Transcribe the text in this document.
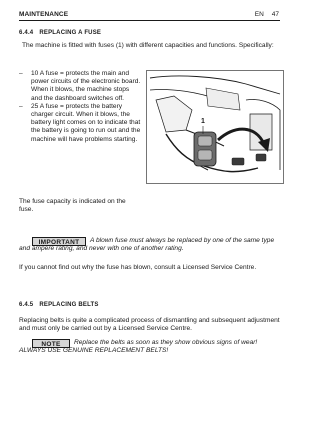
MAINTENANCE	EN 47
6.4.4 REPLACING A FUSE

The machine is fitted with fuses (1) with different capacities and functions. Specifically:

– 10 A fuse = protects the main and power circuits of the electronic board. When it blows, the machine stops and the dashboard switches off.
– 25 A fuse = protects the battery charger circuit. When it blows, the battery light comes on to indicate that the battery is going to run out and the machine will have problems starting.
1

The fuse capacity is indicated on the fuse.

IMPORTANT	A blown fuse must always be replaced by one of the same type and ampere rating, and never with one of another rating.

If you cannot find out why the fuse has blown, consult a Licensed Service Centre.

6.4.5 REPLACING BELTS

Replacing belts is quite a complicated process of dismantling and subsequent adjustment and must only be carried out by a Licensed Service Centre.

NOTE	Replace the belts as soon as they show obvious signs of wear! ALWAYS USE GENUINE REPLACEMENT BELTS!
